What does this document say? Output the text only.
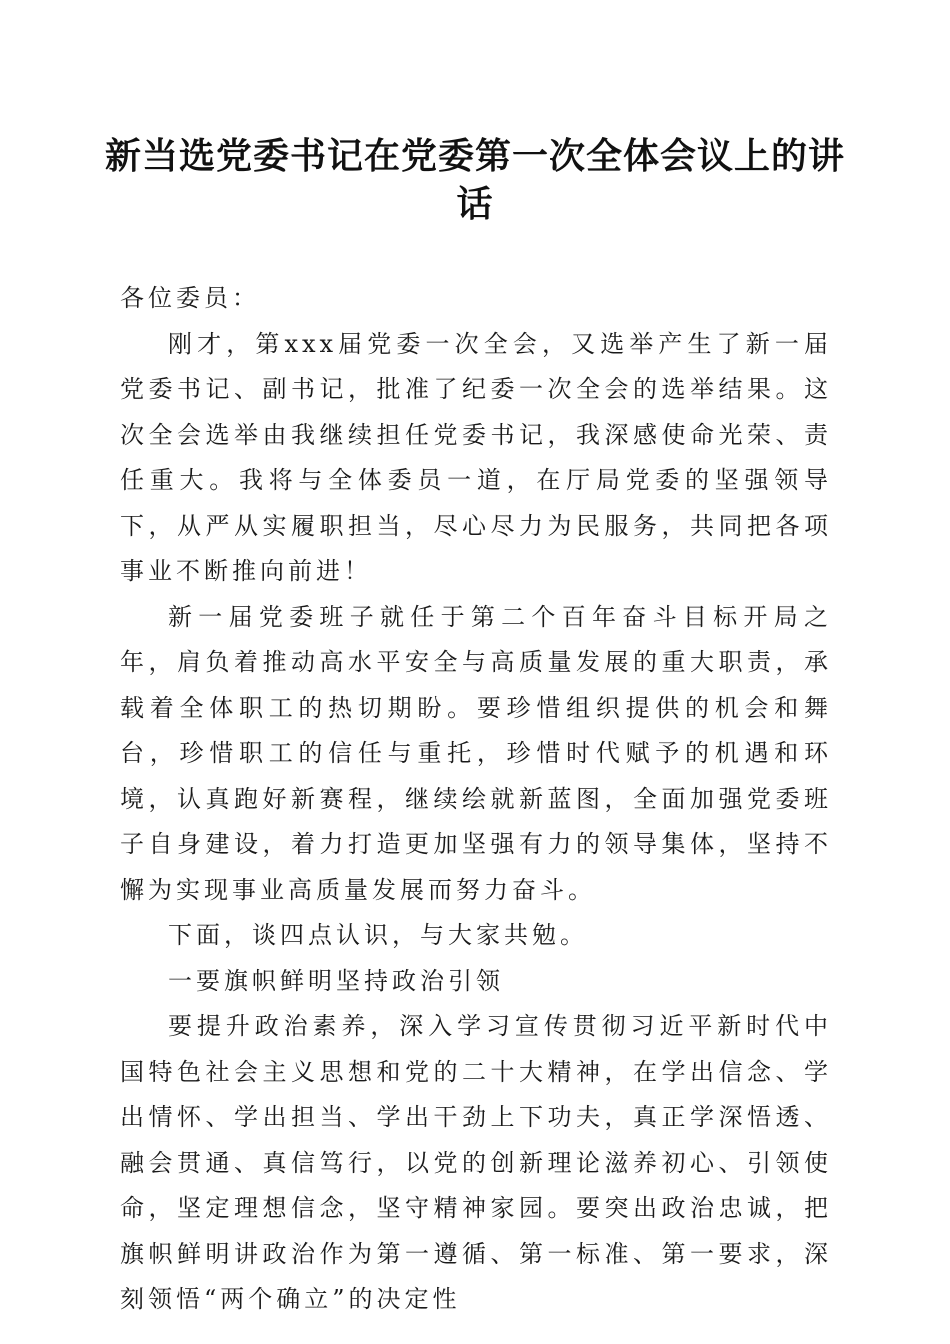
新当选党委书记在党委第一次全体会议上的讲话

各位委员：

刚才，第xxx届党委一次全会，又选举产生了新一届党委书记、副书记，批准了纪委一次全会的选举结果。这次全会选举由我继续担任党委书记，我深感使命光荣、责任重大。我将与全体委员一道，在厅局党委的坚强领导下，从严从实履职担当，尽心尽力为民服务，共同把各项事业不断推向前进！

新一届党委班子就任于第二个百年奋斗目标开局之年，肩负着推动高水平安全与高质量发展的重大职责，承载着全体职工的热切期盼。要珍惜组织提供的机会和舞台，珍惜职工的信任与重托，珍惜时代赋予的机遇和环境，认真跑好新赛程，继续绘就新蓝图，全面加强党委班子自身建设，着力打造更加坚强有力的领导集体，坚持不懈为实现事业高质量发展而努力奋斗。

下面，谈四点认识，与大家共勉。

一要旗帜鲜明坚持政治引领

要提升政治素养，深入学习宣传贯彻习近平新时代中国特色社会主义思想和党的二十大精神，在学出信念、学出情怀、学出担当、学出干劲上下功夫，真正学深悟透、融会贯通、真信笃行，以党的创新理论滋养初心、引领使命，坚定理想信念，坚守精神家园。要突出政治忠诚，把旗帜鲜明讲政治作为第一遵循、第一标准、第一要求，深刻领悟“两个确立”的决定性
